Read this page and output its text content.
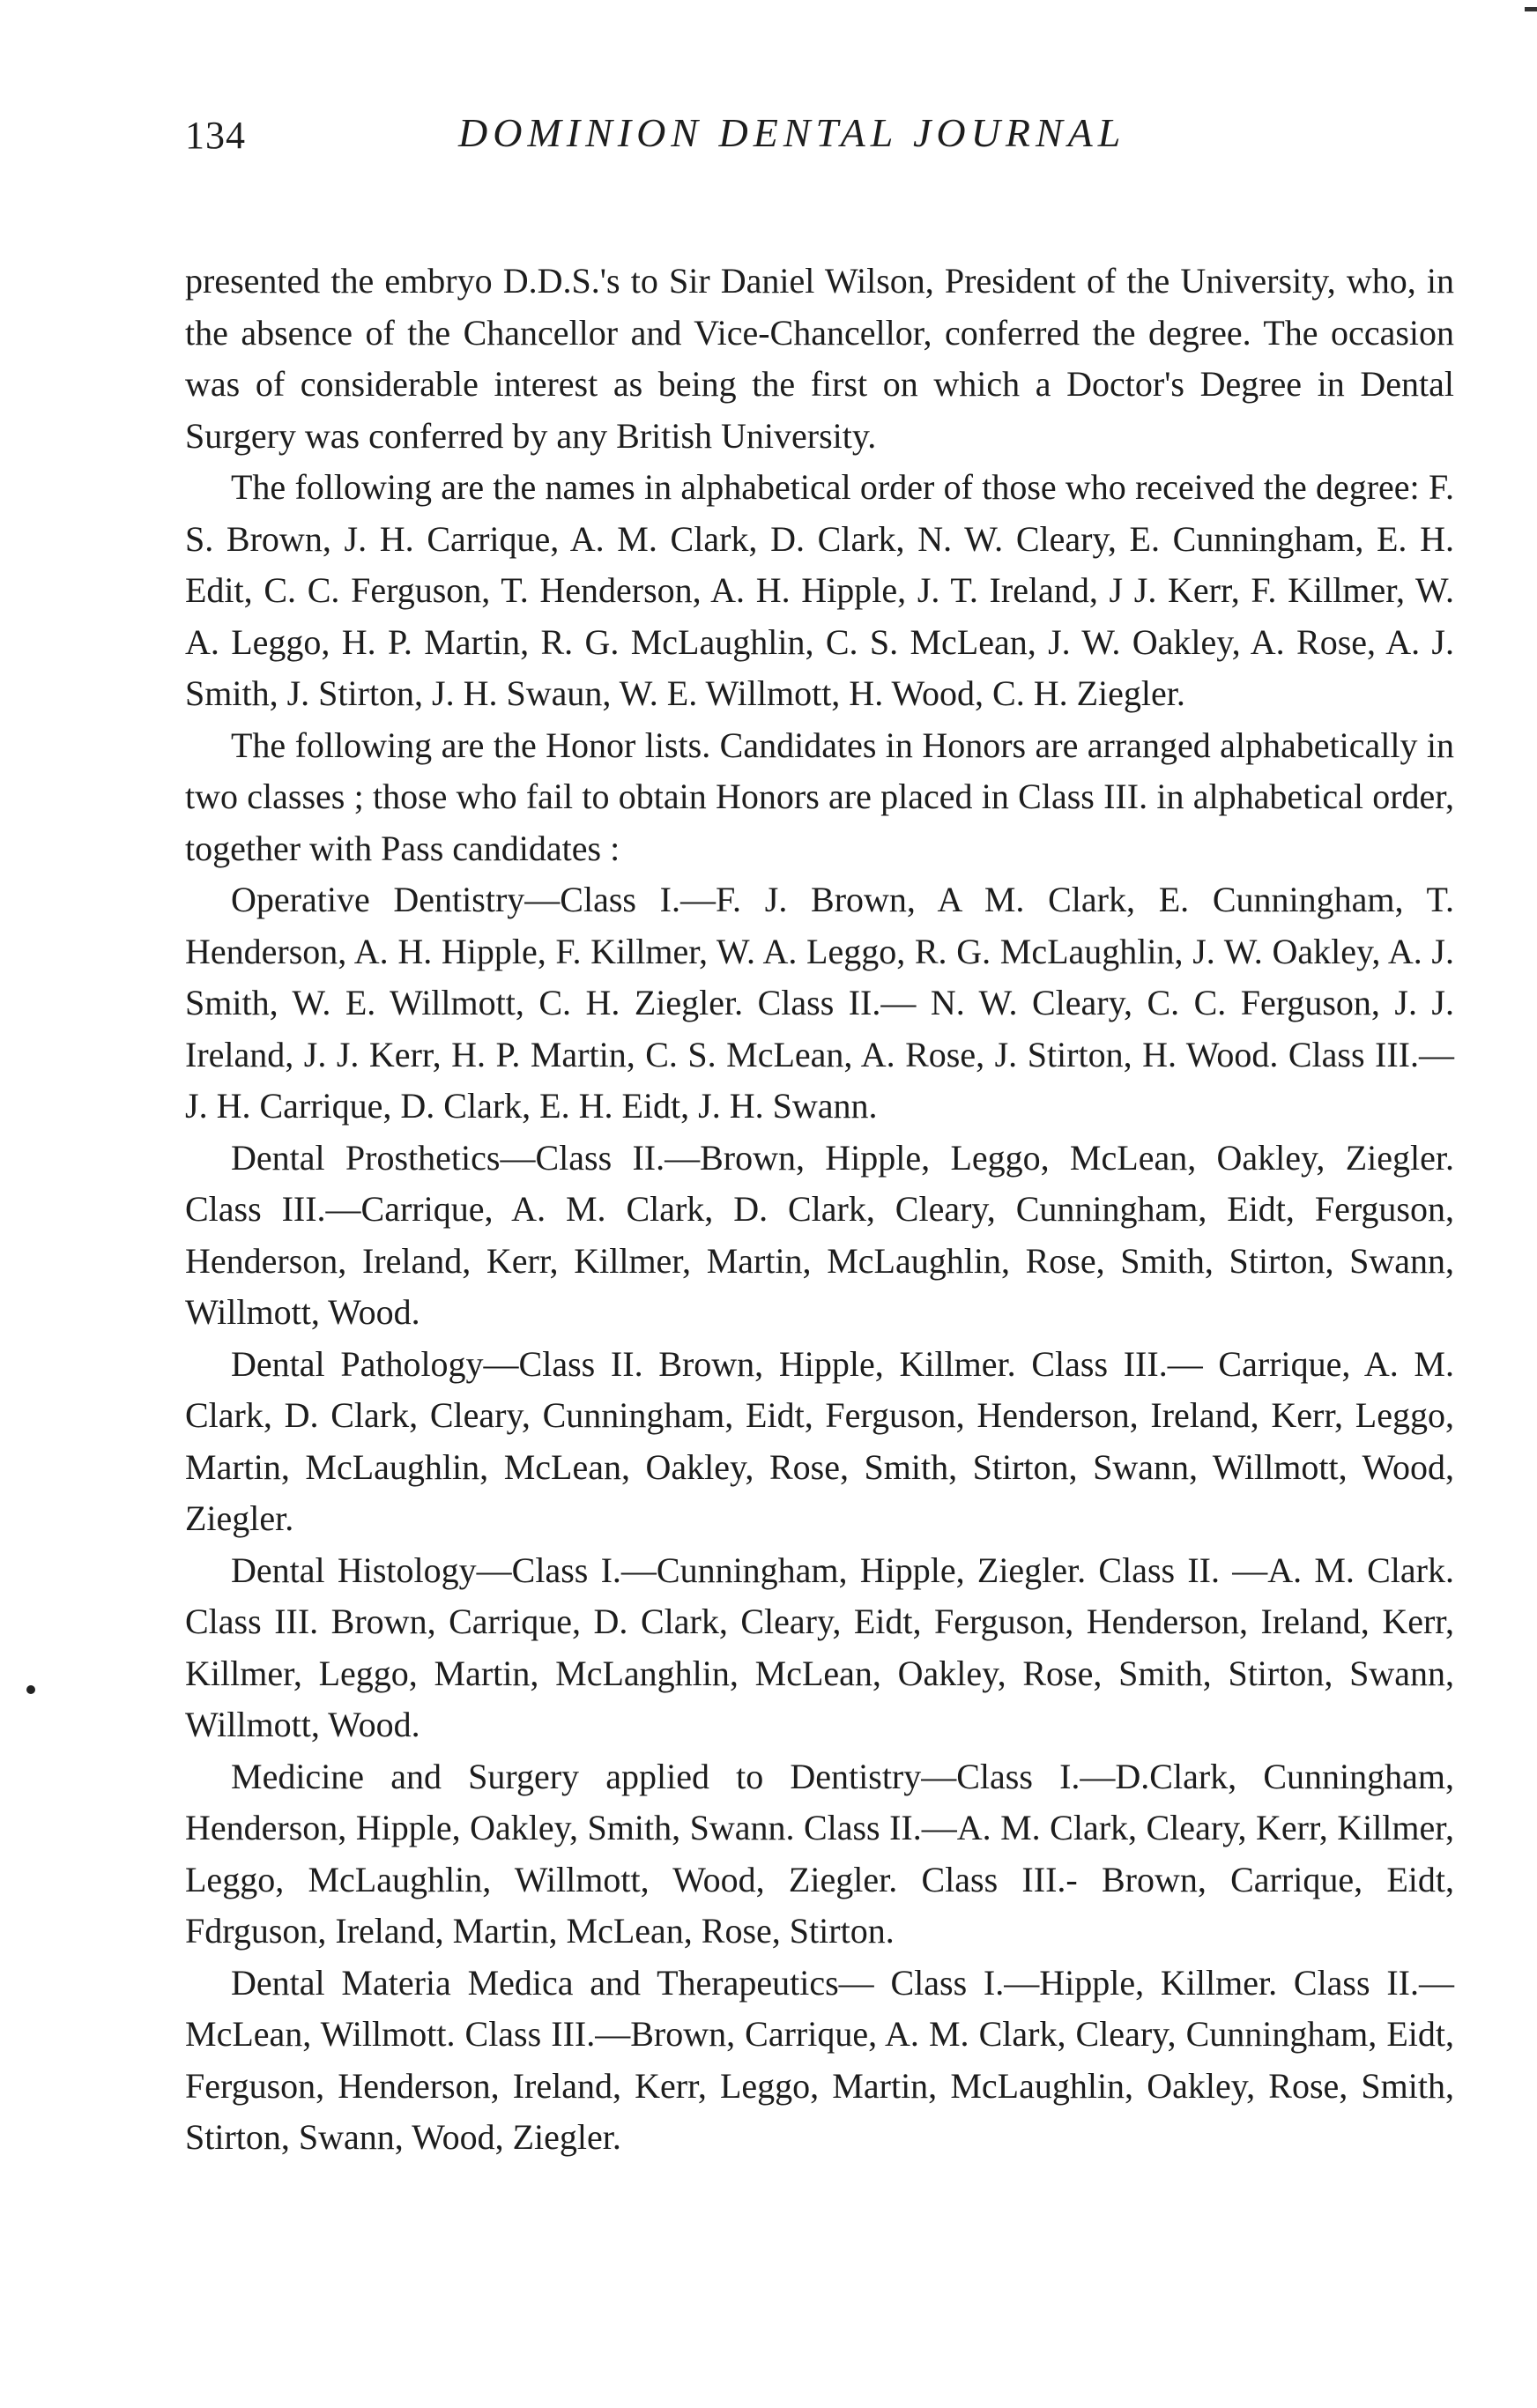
134	DOMINION DENTAL JOURNAL

presented the embryo D.D.S.'s to Sir Daniel Wilson, President of the University, who, in the absence of the Chancellor and Vice-Chancellor, conferred the degree. The occasion was of considerable interest as being the first on which a Doctor's Degree in Dental Surgery was conferred by any British University.

The following are the names in alphabetical order of those who received the degree: F. S. Brown, J. H. Carrique, A. M. Clark, D. Clark, N. W. Cleary, E. Cunningham, E. H. Edit, C. C. Ferguson, T. Henderson, A. H. Hipple, J. T. Ireland, J J. Kerr, F. Killmer, W. A. Leggo, H. P. Martin, R. G. McLaughlin, C. S. McLean, J. W. Oakley, A. Rose, A. J. Smith, J. Stirton, J. H. Swaun, W. E. Willmott, H. Wood, C. H. Ziegler.

The following are the Honor lists. Candidates in Honors are arranged alphabetically in two classes ; those who fail to obtain Honors are placed in Class III. in alphabetical order, together with Pass candidates :

Operative Dentistry—Class I.—F. J. Brown, A M. Clark, E. Cunningham, T. Henderson, A. H. Hipple, F. Killmer, W. A. Leggo, R. G. McLaughlin, J. W. Oakley, A. J. Smith, W. E. Willmott, C. H. Ziegler. Class II.— N. W. Cleary, C. C. Ferguson, J. J. Ireland, J. J. Kerr, H. P. Martin, C. S. McLean, A. Rose, J. Stirton, H. Wood. Class III.— J. H. Carrique, D. Clark, E. H. Eidt, J. H. Swann.

Dental Prosthetics—Class II.—Brown, Hipple, Leggo, McLean, Oakley, Ziegler. Class III.—Carrique, A. M. Clark, D. Clark, Cleary, Cunningham, Eidt, Ferguson, Henderson, Ireland, Kerr, Killmer, Martin, McLaughlin, Rose, Smith, Stirton, Swann, Willmott, Wood.

Dental Pathology—Class II. Brown, Hipple, Killmer. Class III.— Carrique, A. M. Clark, D. Clark, Cleary, Cunningham, Eidt, Ferguson, Henderson, Ireland, Kerr, Leggo, Martin, McLaughlin, McLean, Oakley, Rose, Smith, Stirton, Swann, Willmott, Wood, Ziegler.

Dental Histology—Class I.—Cunningham, Hipple, Ziegler. Class II. —A. M. Clark. Class III. Brown, Carrique, D. Clark, Cleary, Eidt, Ferguson, Henderson, Ireland, Kerr, Killmer, Leggo, Martin, McLanghlin, McLean, Oakley, Rose, Smith, Stirton, Swann, Willmott, Wood.

Medicine and Surgery applied to Dentistry—Class I.—D.Clark, Cunningham, Henderson, Hipple, Oakley, Smith, Swann. Class II.—A. M. Clark, Cleary, Kerr, Killmer, Leggo, McLaughlin, Willmott, Wood, Ziegler. Class III.- Brown, Carrique, Eidt, Fdrguson, Ireland, Martin, McLean, Rose, Stirton.

Dental Materia Medica and Therapeutics— Class I.—Hipple, Killmer. Class II.— McLean, Willmott. Class III.—Brown, Carrique, A. M. Clark, Cleary, Cunningham, Eidt, Ferguson, Henderson, Ireland, Kerr, Leggo, Martin, McLaughlin, Oakley, Rose, Smith, Stirton, Swann, Wood, Ziegler.
